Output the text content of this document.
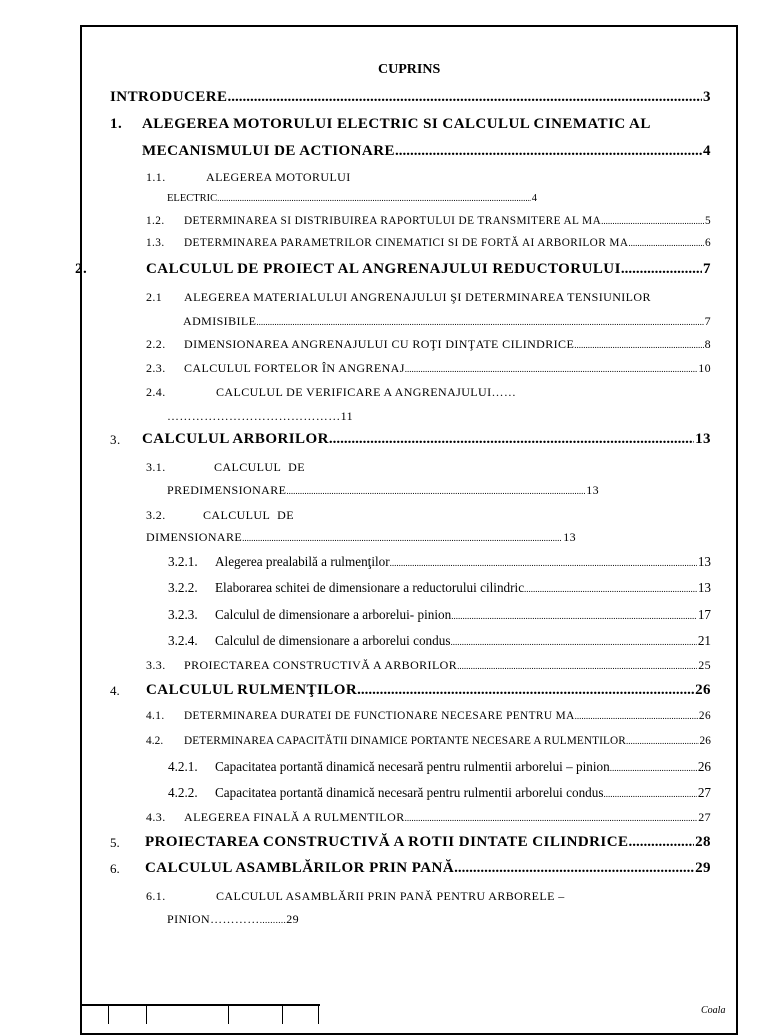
CUPRINS
INTRODUCERE .....	3
1. ALEGEREA MOTORULUI ELECTRIC SI CALCULUL CINEMATIC AL
MECANISMULUI DE ACTIONARE .....	4
1.1.	ALEGEREA MOTORULUI
ELECTRIC .....	4
1.2.	DETERMINAREA SI DISTRIBUIREA RAPORTULUI DE TRANSMITERE AL MA .....	5
1.3.	DETERMINAREA PARAMETRILOR CINEMATICI SI DE FORTĂ AI ARBORILOR MA .....	6
2.	CALCULUL DE PROIECT AL ANGRENAJULUI REDUCTORULUI .....	7
2.1 ALEGEREA MATERIALULUI ANGRENAJULUI ŞI DETERMINAREA TENSIUNILOR
ADMISIBILE .....	7
2.2.	DIMENSIONAREA ANGRENAJULUI CU ROŢI DINŢATE CILINDRICE .....	8
2.3.	CALCULUL FORTELOR ÎN ANGRENAJ .....	10
2.4.	CALCULUL DE VERIFICARE A ANGRENAJULUI……
……………………………………11
3. CALCULUL ARBORILOR .....	13
3.1.	CALCULUL DE
PREDIMENSIONARE .....	13
3.2.	CALCULUL DE
DIMENSIONARE .....	13
3.2.1.	Alegerea prealabilă a rulmenţilor .....	13
3.2.2.	Elaborarea schitei de dimensionare a reductorului cilindric .....	13
3.2.3.	Calculul de dimensionare a arborelui- pinion .....	17
3.2.4.	Calculul de dimensionare a arborelui condus .....	21
3.3.	PROIECTAREA CONSTRUCTIVĂ A ARBORILOR .....	25
4. CALCULUL RULMENŢILOR .....	26
4.1.	DETERMINAREA DURATEI DE FUNCTIONARE NECESARE PENTRU MA .....	26
4.2.	DETERMINAREA CAPACITĂTII DINAMICE PORTANTE NECESARE A RULMENTILOR .....	26
4.2.1.	Capacitatea portantă dinamică necesară pentru rulmentii arborelui – pinion .....	26
4.2.2.	Capacitatea portantă dinamică necesară pentru rulmentii arborelui condus .....	27
4.3.	ALEGEREA FINALĂ A RULMENTILOR .....	27
5. PROIECTAREA CONSTRUCTIVĂ A ROTII DINTATE CILINDRICE .....	28
6. CALCULUL ASAMBLĂRILOR PRIN PANĂ .....	29
6.1.	CALCULUL ASAMBLĂRII PRIN PANĂ PENTRU ARBORELE –
PINION…………..........29
Coala
